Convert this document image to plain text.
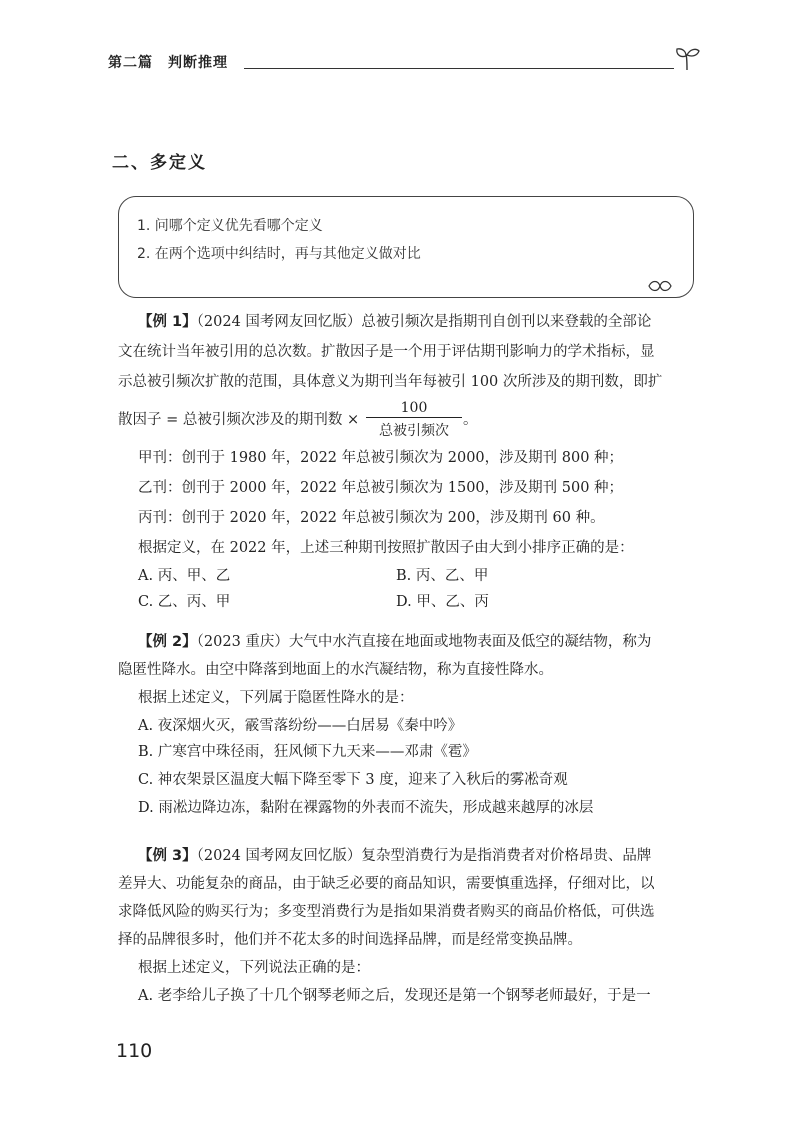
第二篇　判断推理
二、多定义
1. 问哪个定义优先看哪个定义
2. 在两个选项中纠结时，再与其他定义做对比
【例 1】（2024 国考网友回忆版）总被引频次是指期刊自创刊以来登载的全部论
文在统计当年被引用的总次数。扩散因子是一个用于评估期刊影响力的学术指标，显
示总被引频次扩散的范围，具体意义为期刊当年每被引 100 次所涉及的期刊数，即扩
散因子 = 总被引频次涉及的期刊数 ×
100
总被引频次
。
甲刊：创刊于 1980 年，2022 年总被引频次为 2000，涉及期刊 800 种；
乙刊：创刊于 2000 年，2022 年总被引频次为 1500，涉及期刊 500 种；
丙刊：创刊于 2020 年，2022 年总被引频次为 200，涉及期刊 60 种。
根据定义，在 2022 年，上述三种期刊按照扩散因子由大到小排序正确的是：
A. 丙、甲、乙	B. 丙、乙、甲
C. 乙、丙、甲	D. 甲、乙、丙
【例 2】（2023 重庆）大气中水汽直接在地面或地物表面及低空的凝结物，称为
隐匿性降水。由空中降落到地面上的水汽凝结物，称为直接性降水。
根据上述定义，下列属于隐匿性降水的是：
A. 夜深烟火灭，霰雪落纷纷——白居易《秦中吟》
B. 广寒宫中珠径雨，狂风倾下九天来——邓肃《雹》
C. 神农架景区温度大幅下降至零下 3 度，迎来了入秋后的雾凇奇观
D. 雨凇边降边冻，黏附在裸露物的外表而不流失，形成越来越厚的冰层
【例 3】（2024 国考网友回忆版）复杂型消费行为是指消费者对价格昂贵、品牌
差异大、功能复杂的商品，由于缺乏必要的商品知识，需要慎重选择，仔细对比，以
求降低风险的购买行为；多变型消费行为是指如果消费者购买的商品价格低，可供选
择的品牌很多时，他们并不花太多的时间选择品牌，而是经常变换品牌。
根据上述定义，下列说法正确的是：
A. 老李给儿子换了十几个钢琴老师之后，发现还是第一个钢琴老师最好，于是一
110
